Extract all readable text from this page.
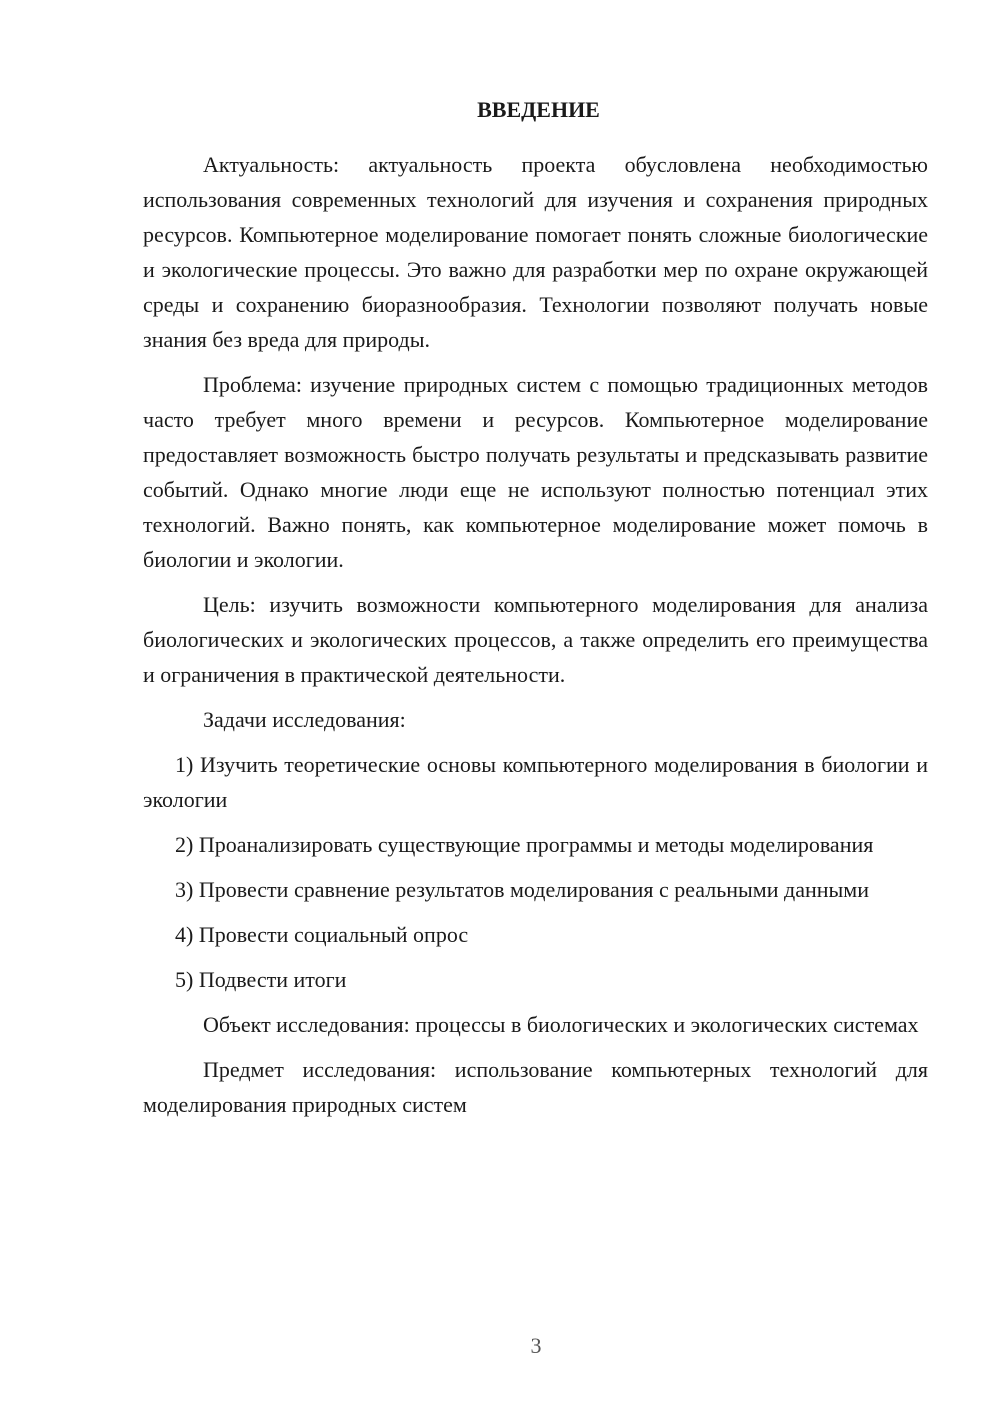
ВВЕДЕНИЕ

Актуальность: актуальность проекта обусловлена необходимостью использования современных технологий для изучения и сохранения природных ресурсов. Компьютерное моделирование помогает понять сложные биологические и экологические процессы. Это важно для разработки мер по охране окружающей среды и сохранению биоразнообразия. Технологии позволяют получать новые знания без вреда для природы.

Проблема: изучение природных систем с помощью традиционных методов часто требует много времени и ресурсов. Компьютерное моделирование предоставляет возможность быстро получать результаты и предсказывать развитие событий. Однако многие люди еще не используют полностью потенциал этих технологий. Важно понять, как компьютерное моделирование может помочь в биологии и экологии.

Цель: изучить возможности компьютерного моделирования для анализа биологических и экологических процессов, а также определить его преимущества и ограничения в практической деятельности.

Задачи исследования:

1) Изучить теоретические основы компьютерного моделирования в биологии и экологии

2) Проанализировать существующие программы и методы моделирования

3) Провести сравнение результатов моделирования с реальными данными

4) Провести социальный опрос

5) Подвести итоги

Объект исследования: процессы в биологических и экологических системах

Предмет исследования: использование компьютерных технологий для моделирования природных систем

3
